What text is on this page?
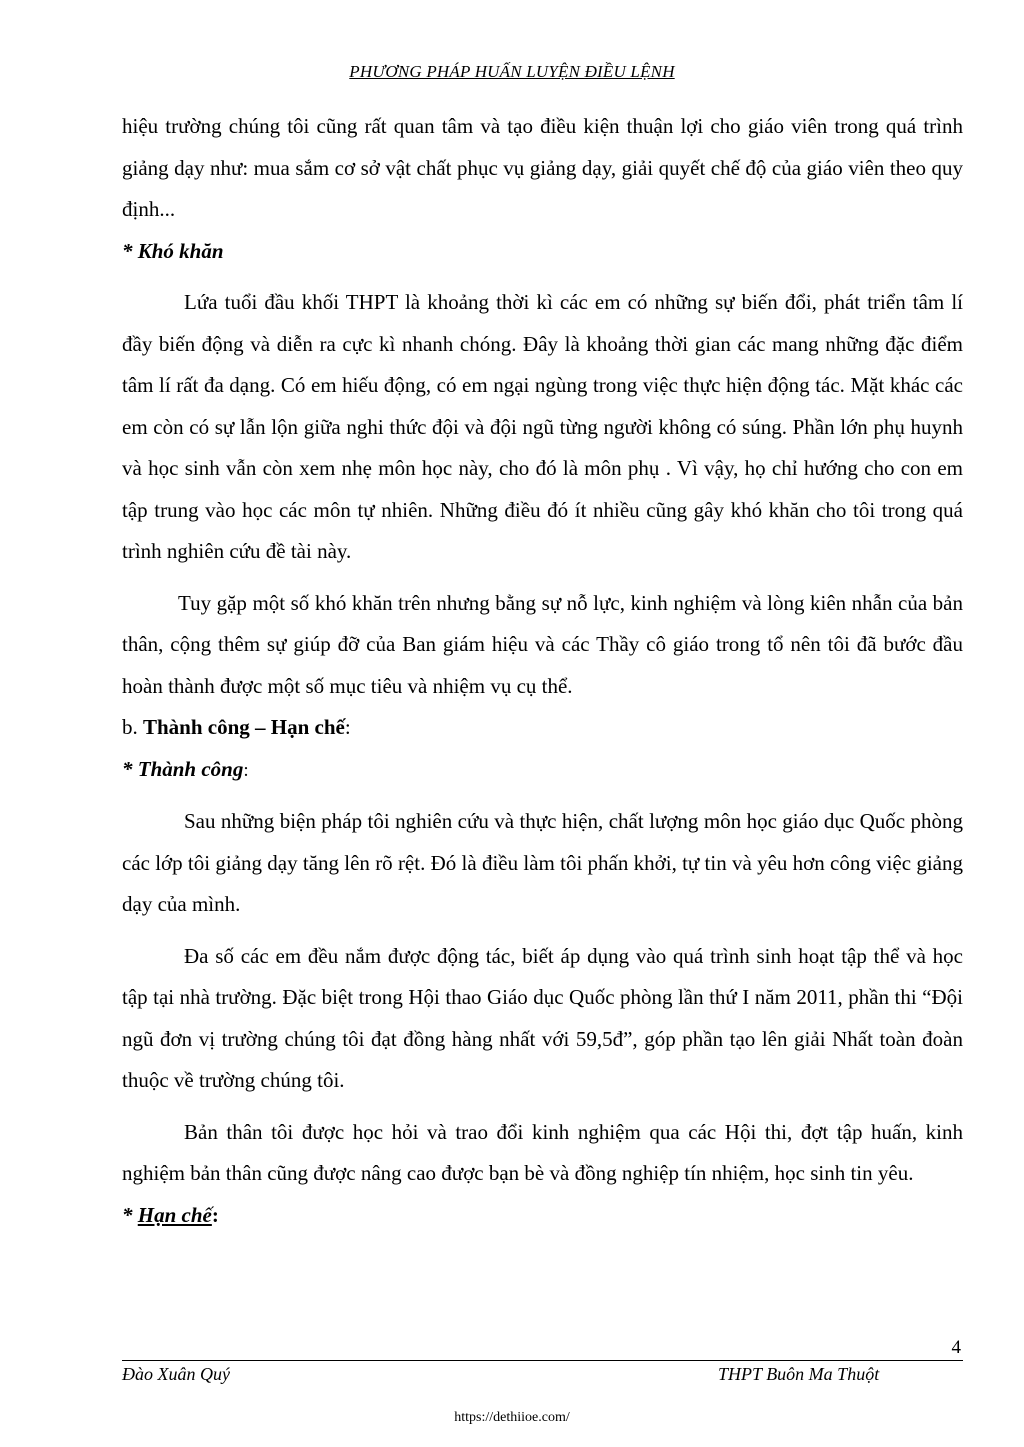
PHƯƠNG PHÁP HUẤN LUYỆN ĐIỀU LỆNH

hiệu trường chúng tôi cũng rất quan tâm và tạo điều kiện thuận lợi cho giáo viên trong quá trình giảng dạy như: mua sắm cơ sở vật chất phục vụ giảng dạy, giải quyết chế độ của giáo viên theo quy định...

* Khó khăn

Lứa tuổi đầu khối THPT là khoảng thời kì các em có những sự biến đổi, phát triển tâm lí đầy biến động và diễn ra cực kì nhanh chóng. Đây là khoảng thời gian các mang những đặc điểm tâm lí rất đa dạng. Có em hiếu động, có em ngại ngùng trong việc thực hiện động tác. Mặt khác các em còn có sự lẫn lộn giữa nghi thức đội và đội ngũ từng người không có súng. Phần lớn phụ huynh và học sinh vẫn còn xem nhẹ môn học này, cho đó là môn phụ . Vì vậy, họ chỉ hướng cho con em tập trung vào học các môn tự nhiên. Những điều đó ít nhiều cũng gây khó khăn cho tôi trong quá trình nghiên cứu đề tài này.

Tuy gặp một số khó khăn trên nhưng bằng sự nỗ lực, kinh nghiệm và lòng kiên nhẫn của bản thân, cộng thêm sự giúp đỡ của Ban giám hiệu và các Thầy cô giáo trong tổ nên tôi đã bước đầu hoàn thành được một số mục tiêu và nhiệm vụ cụ thể.

b. Thành công – Hạn chế:

* Thành công:

Sau những biện pháp tôi nghiên cứu và thực hiện, chất lượng môn học giáo dục Quốc phòng các lớp tôi giảng dạy tăng lên rõ rệt. Đó là điều làm tôi phấn khởi, tự tin và yêu hơn công việc giảng dạy của mình.

Đa số các em đều nắm được động tác, biết áp dụng vào quá trình sinh hoạt tập thể và học tập tại nhà trường. Đặc biệt trong Hội thao Giáo dục Quốc phòng lần thứ I năm 2011, phần thi “Đội ngũ đơn vị trường chúng tôi đạt đồng hàng nhất với 59,5đ”, góp phần tạo lên giải Nhất toàn đoàn thuộc về trường chúng tôi.

Bản thân tôi được học hỏi và trao đổi kinh nghiệm qua các Hội thi, đợt tập huấn, kinh nghiệm bản thân cũng được nâng cao được bạn bè và đồng nghiệp tín nhiệm, học sinh tin yêu.

* Hạn chế:

4
Đào Xuân Quý	THPT Buôn Ma Thuột
https://dethiioe.com/
